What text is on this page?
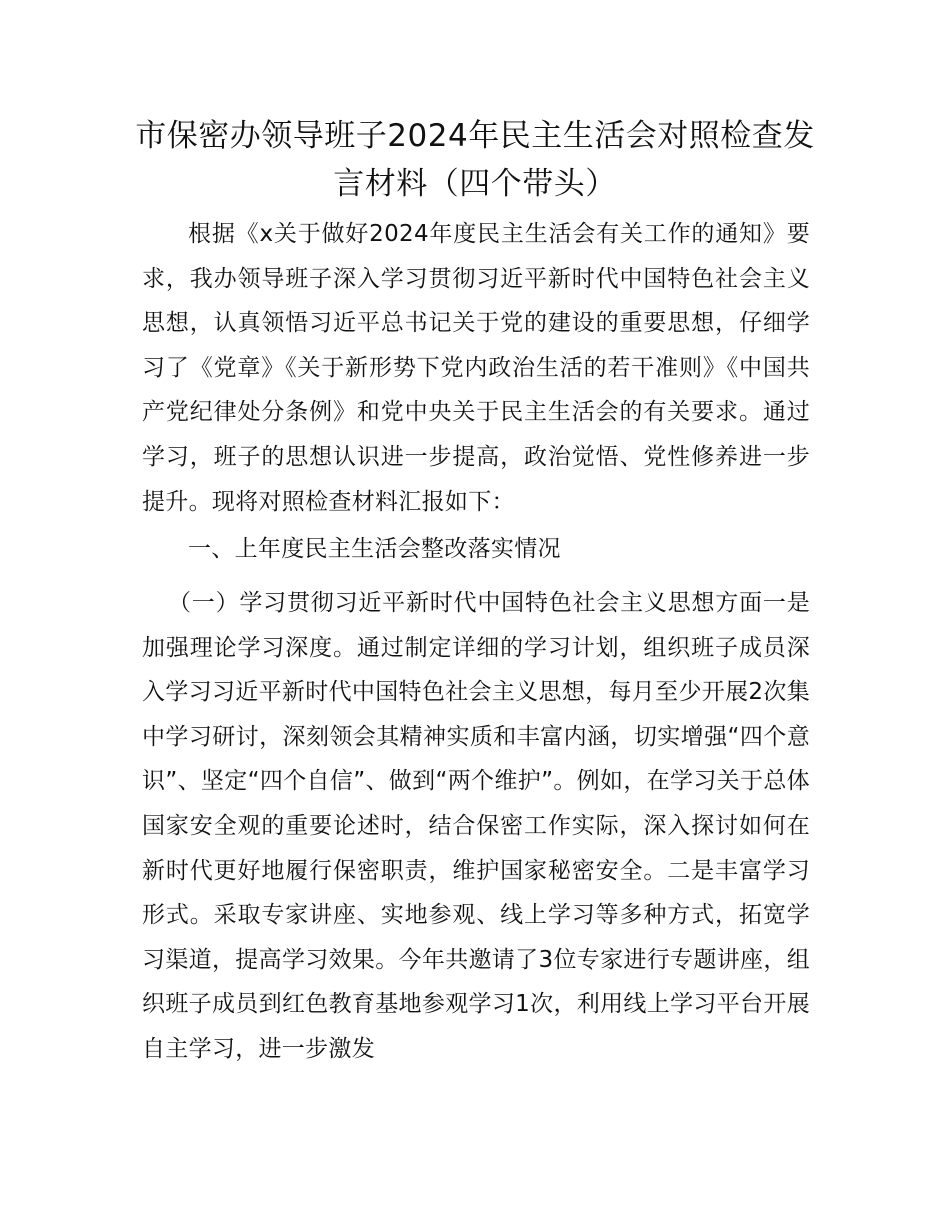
市保密办领导班子2024年民主生活会对照检查发言材料（四个带头）

根据《x关于做好2024年度民主生活会有关工作的通知》要求，我办领导班子深入学习贯彻习近平新时代中国特色社会主义思想，认真领悟习近平总书记关于党的建设的重要思想，仔细学习了《党章》《关于新形势下党内政治生活的若干准则》《中国共产党纪律处分条例》和党中央关于民主生活会的有关要求。通过学习，班子的思想认识进一步提高，政治觉悟、党性修养进一步提升。现将对照检查材料汇报如下：

一、上年度民主生活会整改落实情况

（一）学习贯彻习近平新时代中国特色社会主义思想方面一是加强理论学习深度。通过制定详细的学习计划，组织班子成员深入学习习近平新时代中国特色社会主义思想，每月至少开展2次集中学习研讨，深刻领会其精神实质和丰富内涵，切实增强“四个意识”、坚定“四个自信”、做到“两个维护”。例如，在学习关于总体国家安全观的重要论述时，结合保密工作实际，深入探讨如何在新时代更好地履行保密职责，维护国家秘密安全。二是丰富学习形式。采取专家讲座、实地参观、线上学习等多种方式，拓宽学习渠道，提高学习效果。今年共邀请了3位专家进行专题讲座，组织班子成员到红色教育基地参观学习1次，利用线上学习平台开展自主学习，进一步激发
